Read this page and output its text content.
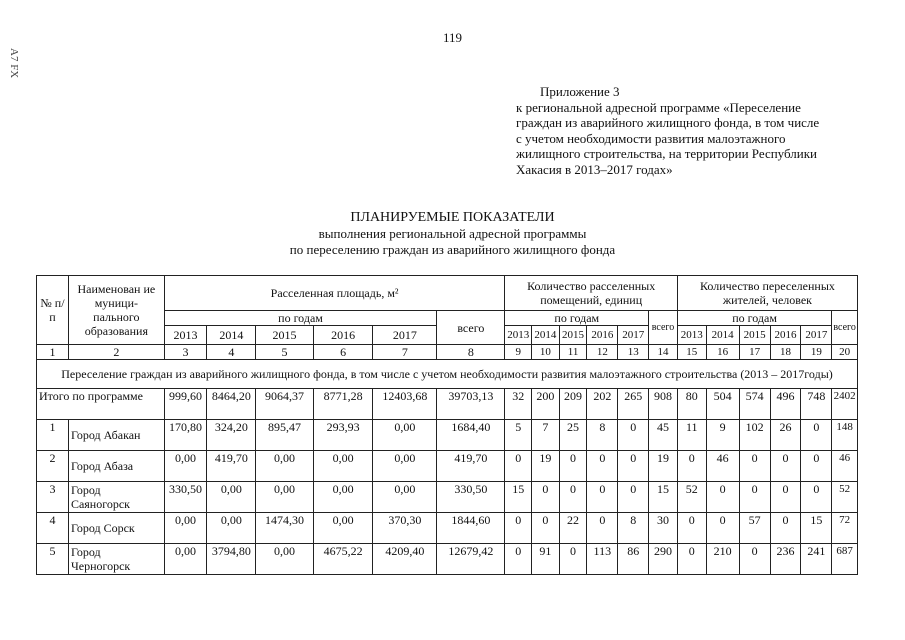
119
A7 FX
Приложение 3
к региональной адресной программе «Переселение
граждан из аварийного жилищного фонда, в том числе
с учетом необходимости развития малоэтажного
жилищного строительства, на территории Республики
Хакасия в 2013–2017 годах»
ПЛАНИРУЕМЫЕ ПОКАЗАТЕЛИ
выполнения региональной адресной программы
по переселению граждан из аварийного жилищного фонда
№ п/п	Наименован ие муници- пального образования	Расселенная площадь, м²						Количество расселенных помещений, единиц						Количество переселенных жителей, человек					
		по годам					всего	по годам					всего	по годам					всего
		2013	2014	2015	2016	2017		2013	2014	2015	2016	2017		2013	2014	2015	2016	2017	
1	2	3	4	5	6	7	8	9	10	11	12	13	14	15	16	17	18	19	20
Переселение граждан из аварийного жилищного фонда, в том числе с учетом необходимости развития малоэтажного строительства (2013 – 2017годы)																			
Итого по программе		999,60	8464,20	9064,37	8771,28	12403,68	39703,13	32	200	209	202	265	908	80	504	574	496	748	2402
1	Город Абакан	170,80	324,20	895,47	293,93	0,00	1684,40	5	7	25	8	0	45	11	9	102	26	0	148
2	Город Абаза	0,00	419,70	0,00	0,00	0,00	419,70	0	19	0	0	0	19	0	46	0	0	0	46
3	Город Саяногорск	330,50	0,00	0,00	0,00	0,00	330,50	15	0	0	0	0	15	52	0	0	0	0	52
4	Город Сорск	0,00	0,00	1474,30	0,00	370,30	1844,60	0	0	22	0	8	30	0	0	57	0	15	72
5	Город Черногорск	0,00	3794,80	0,00	4675,22	4209,40	12679,42	0	91	0	113	86	290	0	210	0	236	241	687
